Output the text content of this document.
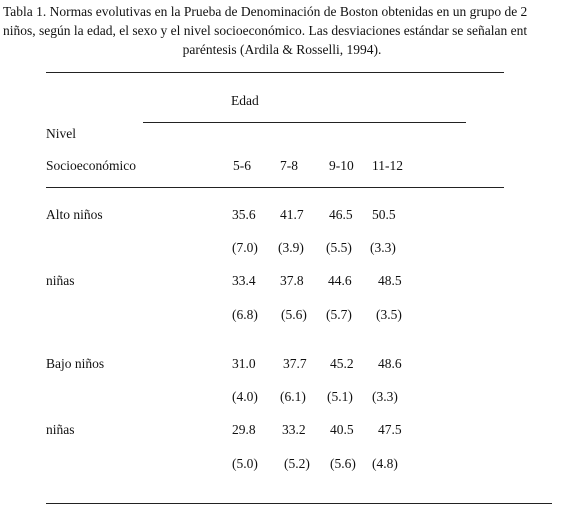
Tabla 1. Normas evolutivas en la Prueba de Denominación de Boston obtenidas en un grupo de 2
niños, según la edad, el sexo y el nivel socioeconómico. Las desviaciones estándar se señalan ent
paréntesis (Ardila & Rosselli, 1994).
Edad
Nivel
Socioeconómico	5-6 7-8 9-10 11-12
Alto niños	35.6 41.7 46.5 50.5
(7.0) (3.9) (5.5) (3.3)
niñas	33.4 37.8 44.6 48.5
(6.8) (5.6) (5.7) (3.5)
Bajo niños	31.0 37.7 45.2 48.6
(4.0) (6.1) (5.1) (3.3)
niñas	29.8 33.2 40.5 47.5
(5.0) (5.2) (5.6) (4.8)
